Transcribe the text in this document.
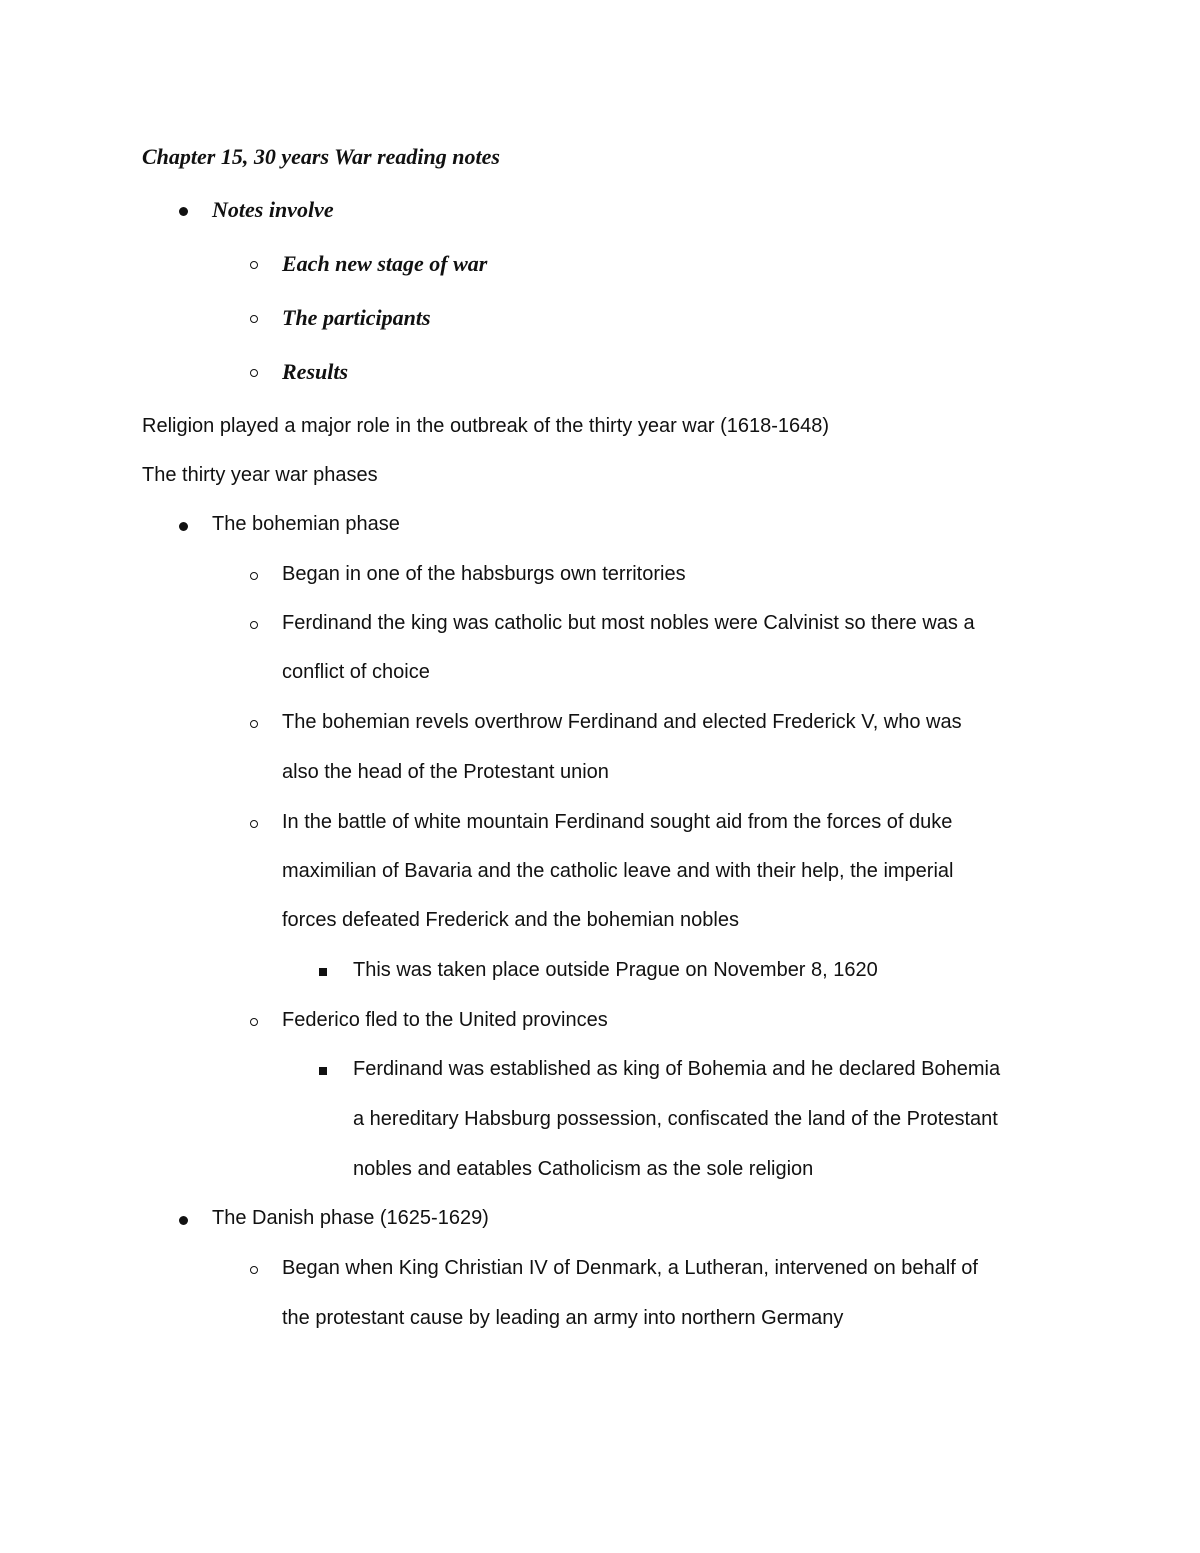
Chapter 15, 30 years War reading notes
Notes involve
Each new stage of war
The participants
Results
Religion played a major role in the outbreak of the thirty year war (1618-1648)
The thirty year war phases
The bohemian phase
Began in one of the habsburgs own territories
Ferdinand the king was catholic but most nobles were Calvinist so there was a
conflict of choice
The bohemian revels overthrow Ferdinand and elected Frederick V, who was
also the head of the Protestant union
In the battle of white mountain Ferdinand sought aid from the forces of duke
maximilian of Bavaria and the catholic leave and with their help, the imperial
forces defeated Frederick and the bohemian nobles
This was taken place outside Prague on November 8, 1620
Federico fled to the United provinces
Ferdinand was established as king of Bohemia and he declared Bohemia
a hereditary Habsburg possession, confiscated the land of the Protestant
nobles and eatables Catholicism as the sole religion
The Danish phase (1625-1629)
Began when King Christian IV of Denmark, a Lutheran, intervened on behalf of
the protestant cause by leading an army into northern Germany
